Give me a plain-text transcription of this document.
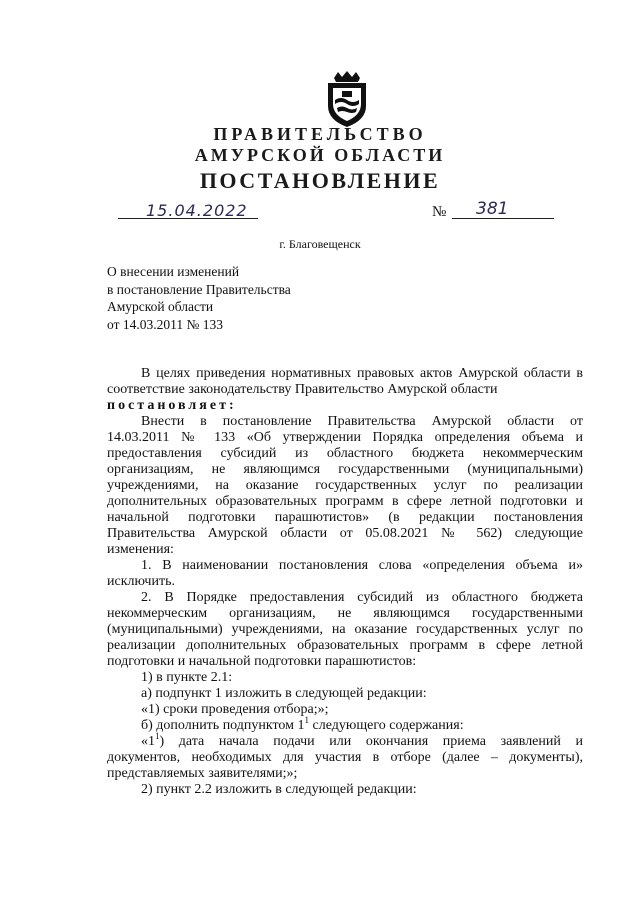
ПРАВИТЕЛЬСТВО
АМУРСКОЙ ОБЛАСТИ
ПОСТАНОВЛЕНИЕ
15.04.2022	№ 381
г. Благовещенск
О внесении изменений
в постановление Правительства
Амурской области
от 14.03.2011 № 133
В целях приведения нормативных правовых актов Амурской области в
соответствие законодательству Правительство Амурской области
постановляет:
Внести в постановление Правительства Амурской области от
14.03.2011 № 133 «Об утверждении Порядка определения объема и
предоставления субсидий из областного бюджета некоммерческим
организациям, не являющимся государственными (муниципальными)
учреждениями, на оказание государственных услуг по реализации
дополнительных образовательных программ в сфере летной подготовки и
начальной подготовки парашютистов» (в редакции постановления
Правительства Амурской области от 05.08.2021 № 562) следующие
изменения:
1. В наименовании постановления слова «определения объема и»
исключить.
2. В Порядке предоставления субсидий из областного бюджета
некоммерческим организациям, не являющимся государственными
(муниципальными) учреждениями, на оказание государственных услуг по
реализации дополнительных образовательных программ в сфере летной
подготовки и начальной подготовки парашютистов:
1) в пункте 2.1:
а) подпункт 1 изложить в следующей редакции:
«1) сроки проведения отбора;»;
б) дополнить подпунктом $1^1$ следующего содержания:
«$1^1$) дата начала подачи или окончания приема заявлений и
документов, необходимых для участия в отборе (далее – документы),
представляемых заявителями;»;
2) пункт 2.2 изложить в следующей редакции:
